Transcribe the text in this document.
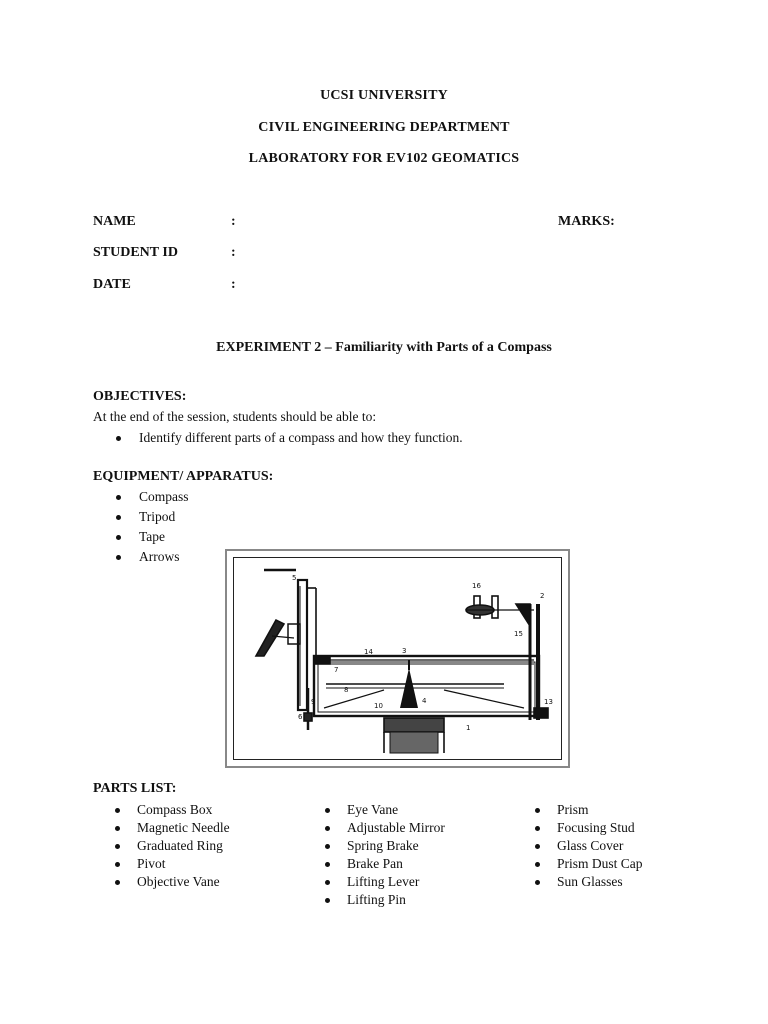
UCSI UNIVERSITY
CIVIL ENGINEERING DEPARTMENT
LABORATORY FOR EV102 GEOMATICS
NAME	:	MARKS:
STUDENT ID	:
DATE	:
EXPERIMENT 2 – Familiarity with Parts of a Compass
OBJECTIVES:
At the end of the session, students should be able to:
Identify different parts of a compass and how they function.
EQUIPMENT/ APPARATUS:
Compass
Tripod
Tape
Arrows
5
9
6
7
8
14
10
4
3
1
16
2
15
13
PARTS LIST:
Compass Box
Magnetic Needle
Graduated Ring
Pivot
Objective Vane
Eye Vane
Adjustable Mirror
Spring Brake
Brake Pan
Lifting Lever
Lifting Pin
Prism
Focusing Stud
Glass Cover
Prism Dust Cap
Sun Glasses
